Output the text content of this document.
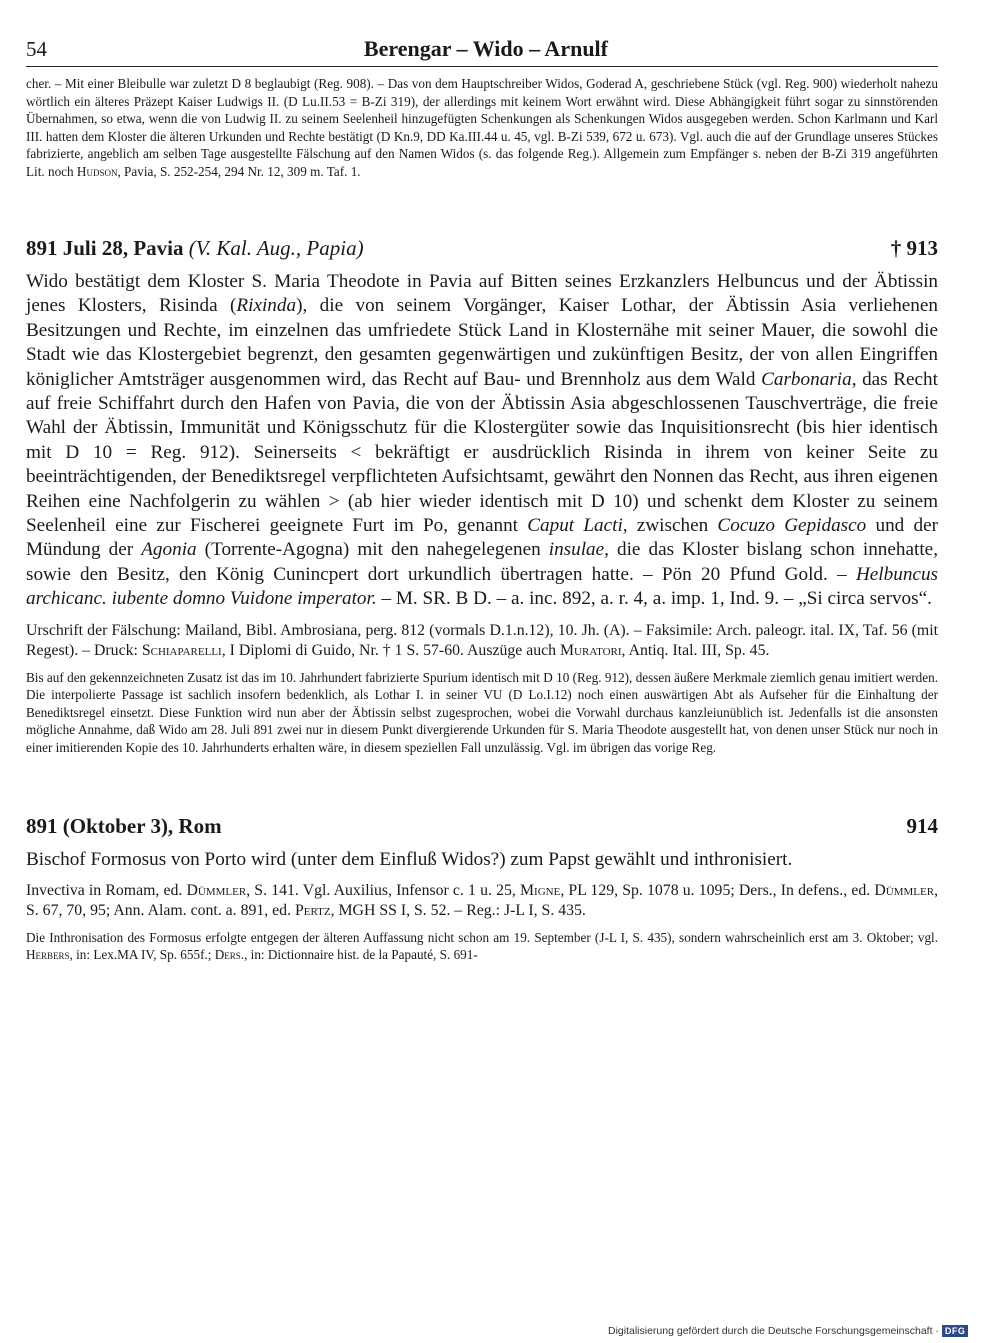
54	Berengar – Wido – Arnulf

cher. – Mit einer Bleibulle war zuletzt D 8 beglaubigt (Reg. 908). – Das von dem Hauptschreiber Widos, Goderad A, geschriebene Stück (vgl. Reg. 900) wiederholt nahezu wörtlich ein älteres Präzept Kaiser Ludwigs II. (D Lu.II.53 = B-Zi 319), der allerdings mit keinem Wort erwähnt wird. Diese Abhängigkeit führt sogar zu sinnstörenden Übernahmen, so etwa, wenn die von Ludwig II. zu seinem Seelenheil hinzugefügten Schenkungen als Schenkungen Widos ausgegeben werden. Schon Karlmann und Karl III. hatten dem Kloster die älteren Urkunden und Rechte bestätigt (D Kn.9, DD Ka.III.44 u. 45, vgl. B-Zi 539, 672 u. 673). Vgl. auch die auf der Grundlage unseres Stückes fabrizierte, angeblich am selben Tage ausgestellte Fälschung auf den Namen Widos (s. das folgende Reg.). Allgemein zum Empfänger s. neben der B-Zi 319 angeführten Lit. noch Hudson, Pavia, S. 252-254, 294 Nr. 12, 309 m. Taf. 1.

891 Juli 28, Pavia (V. Kal. Aug., Papia)	† 913

Wido bestätigt dem Kloster S. Maria Theodote in Pavia auf Bitten seines Erzkanzlers Helbuncus und der Äbtissin jenes Klosters, Risinda (Rixinda), die von seinem Vorgänger, Kaiser Lothar, der Äbtissin Asia verliehenen Besitzungen und Rechte, im einzelnen das umfriedete Stück Land in Klosternähe mit seiner Mauer, die sowohl die Stadt wie das Klostergebiet begrenzt, den gesamten gegenwärtigen und zukünftigen Besitz, der von allen Eingriffen königlicher Amtsträger ausgenommen wird, das Recht auf Bau- und Brennholz aus dem Wald Carbonaria, das Recht auf freie Schiffahrt durch den Hafen von Pavia, die von der Äbtissin Asia abgeschlossenen Tauschverträge, die freie Wahl der Äbtissin, Immunität und Königsschutz für die Klostergüter sowie das Inquisitionsrecht (bis hier identisch mit D 10 = Reg. 912). Seinerseits < bekräftigt er ausdrücklich Risinda in ihrem von keiner Seite zu beeinträchtigenden, der Benediktsregel verpflichteten Aufsichtsamt, gewährt den Nonnen das Recht, aus ihren eigenen Reihen eine Nachfolgerin zu wählen > (ab hier wieder identisch mit D 10) und schenkt dem Kloster zu seinem Seelenheil eine zur Fischerei geeignete Furt im Po, genannt Caput Lacti, zwischen Cocuzo Gepidasco und der Mündung der Agonia (Torrente-Agogna) mit den nahegelegenen insulae, die das Kloster bislang schon innehatte, sowie den Besitz, den König Cunincpert dort urkundlich übertragen hatte. – Pön 20 Pfund Gold. – Helbuncus archicanc. iubente domno Vuidone imperator. – M. SR. B D. – a. inc. 892, a. r. 4, a. imp. 1, Ind. 9. – „Si circa servos“.

Urschrift der Fälschung: Mailand, Bibl. Ambrosiana, perg. 812 (vormals D.1.n.12), 10. Jh. (A). – Faksimile: Arch. paleogr. ital. IX, Taf. 56 (mit Regest). – Druck: Schiaparelli, I Diplomi di Guido, Nr. † 1 S. 57-60. Auszüge auch Muratori, Antiq. Ital. III, Sp. 45.

Bis auf den gekennzeichneten Zusatz ist das im 10. Jahrhundert fabrizierte Spurium identisch mit D 10 (Reg. 912), dessen äußere Merkmale ziemlich genau imitiert werden. Die interpolierte Passage ist sachlich insofern bedenklich, als Lothar I. in seiner VU (D Lo.I.12) noch einen auswärtigen Abt als Aufseher für die Einhaltung der Benediktsregel einsetzt. Diese Funktion wird nun aber der Äbtissin selbst zugesprochen, wobei die Vorwahl durchaus kanzleiunüblich ist. Jedenfalls ist die ansonsten mögliche Annahme, daß Wido am 28. Juli 891 zwei nur in diesem Punkt divergierende Urkunden für S. Maria Theodote ausgestellt hat, von denen unser Stück nur noch in einer imitierenden Kopie des 10. Jahrhunderts erhalten wäre, in diesem speziellen Fall unzulässig. Vgl. im übrigen das vorige Reg.

891 (Oktober 3), Rom	914

Bischof Formosus von Porto wird (unter dem Einfluß Widos?) zum Papst gewählt und inthronisiert.

Invectiva in Romam, ed. Dümmler, S. 141. Vgl. Auxilius, Infensor c. 1 u. 25, Migne, PL 129, Sp. 1078 u. 1095; Ders., In defens., ed. Dümmler, S. 67, 70, 95; Ann. Alam. cont. a. 891, ed. Pertz, MGH SS I, S. 52. – Reg.: J-L I, S. 435.

Die Inthronisation des Formosus erfolgte entgegen der älteren Auffassung nicht schon am 19. September (J-L I, S. 435), sondern wahrscheinlich erst am 3. Oktober; vgl. Herbers, in: Lex.MA IV, Sp. 655f.; Ders., in: Dictionnaire hist. de la Papauté, S. 691-

Digitalisierung gefördert durch die Deutsche Forschungsgemeinschaft · DFG
